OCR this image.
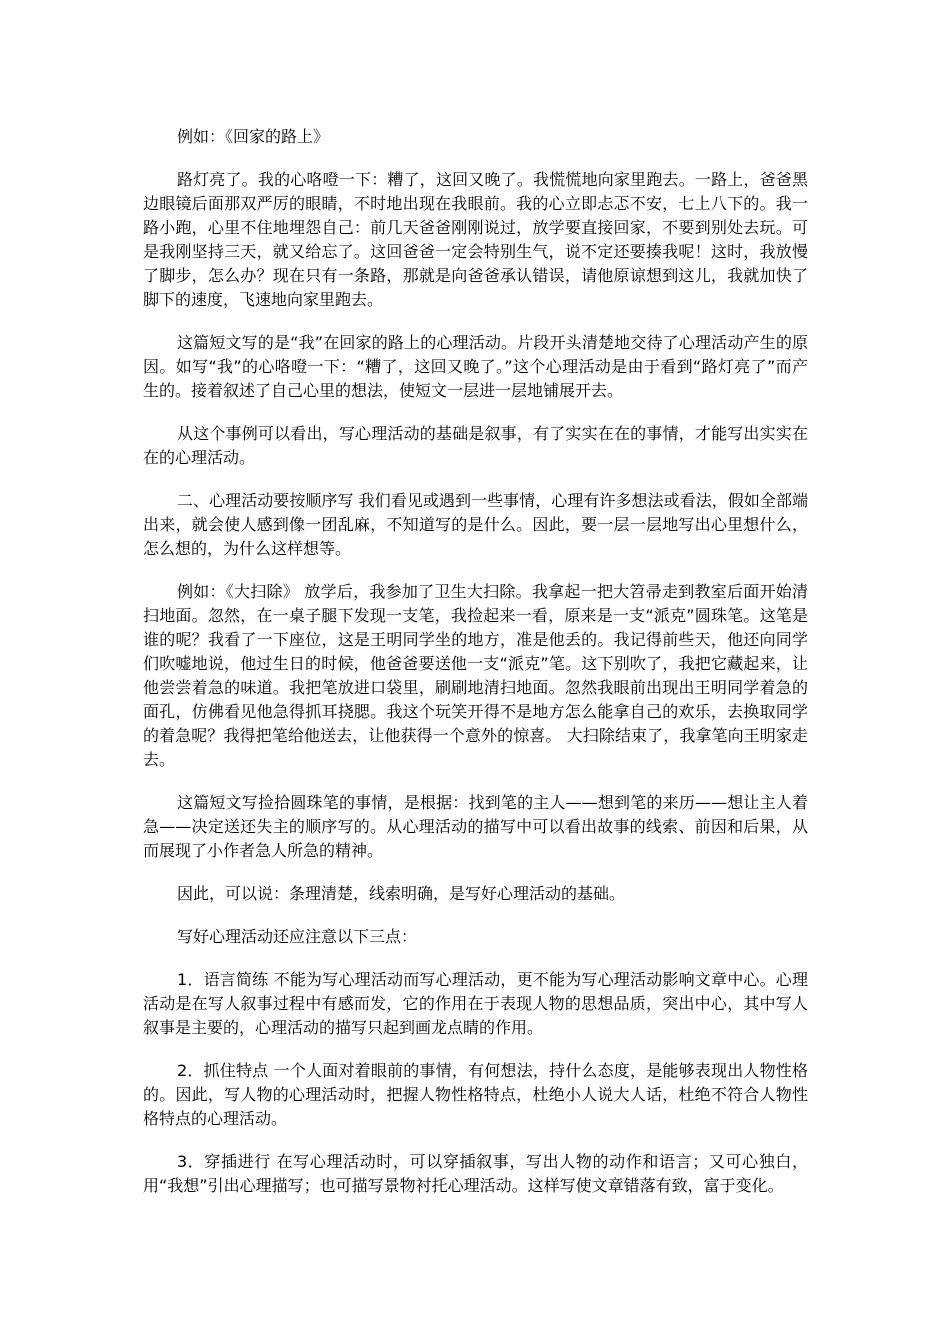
例如：《回家的路上》

路灯亮了。我的心咯噔一下：糟了，这回又晚了。我慌慌地向家里跑去。一路上，爸爸黑边眼镜后面那双严厉的眼睛，不时地出现在我眼前。我的心立即忐忑不安，七上八下的。我一路小跑，心里不住地埋怨自己：前几天爸爸刚刚说过，放学要直接回家，不要到别处去玩。可是我刚坚持三天，就又给忘了。这回爸爸一定会特别生气，说不定还要揍我呢！这时，我放慢了脚步，怎么办？现在只有一条路，那就是向爸爸承认错误，请他原谅想到这儿，我就加快了脚下的速度，飞速地向家里跑去。

这篇短文写的是“我”在回家的路上的心理活动。片段开头清楚地交待了心理活动产生的原因。如写“我”的心咯噔一下：“糟了，这回又晚了。”这个心理活动是由于看到“路灯亮了”而产生的。接着叙述了自己心里的想法，使短文一层进一层地铺展开去。

从这个事例可以看出，写心理活动的基础是叙事，有了实实在在的事情，才能写出实实在在的心理活动。

二、心理活动要按顺序写 我们看见或遇到一些事情，心理有许多想法或看法，假如全部端出来，就会使人感到像一团乱麻，不知道写的是什么。因此，要一层一层地写出心里想什么，怎么想的，为什么这样想等。

例如：《大扫除》 放学后，我参加了卫生大扫除。我拿起一把大笤帚走到教室后面开始清扫地面。忽然，在一桌子腿下发现一支笔，我捡起来一看，原来是一支“派克”圆珠笔。这笔是谁的呢？我看了一下座位，这是王明同学坐的地方，准是他丢的。我记得前些天，他还向同学们吹嘘地说，他过生日的时候，他爸爸要送他一支“派克”笔。这下别吹了，我把它藏起来，让他尝尝着急的味道。我把笔放进口袋里，刷刷地清扫地面。忽然我眼前出现出王明同学着急的面孔，仿佛看见他急得抓耳挠腮。我这个玩笑开得不是地方怎么能拿自己的欢乐，去换取同学的着急呢？我得把笔给他送去，让他获得一个意外的惊喜。 大扫除结束了，我拿笔向王明家走去。

这篇短文写捡拾圆珠笔的事情，是根据：找到笔的主人——想到笔的来历——想让主人着急——决定送还失主的顺序写的。从心理活动的描写中可以看出故事的线索、前因和后果，从而展现了小作者急人所急的精神。

因此，可以说：条理清楚，线索明确，是写好心理活动的基础。

写好心理活动还应注意以下三点：

1．语言简练 不能为写心理活动而写心理活动，更不能为写心理活动影响文章中心。心理活动是在写人叙事过程中有感而发，它的作用在于表现人物的思想品质，突出中心，其中写人叙事是主要的，心理活动的描写只起到画龙点睛的作用。

2．抓住特点 一个人面对着眼前的事情，有何想法，持什么态度，是能够表现出人物性格的。因此，写人物的心理活动时，把握人物性格特点，杜绝小人说大人话，杜绝不符合人物性格特点的心理活动。

3．穿插进行 在写心理活动时，可以穿插叙事，写出人物的动作和语言；又可心独白，用“我想”引出心理描写；也可描写景物衬托心理活动。这样写使文章错落有致，富于变化。
